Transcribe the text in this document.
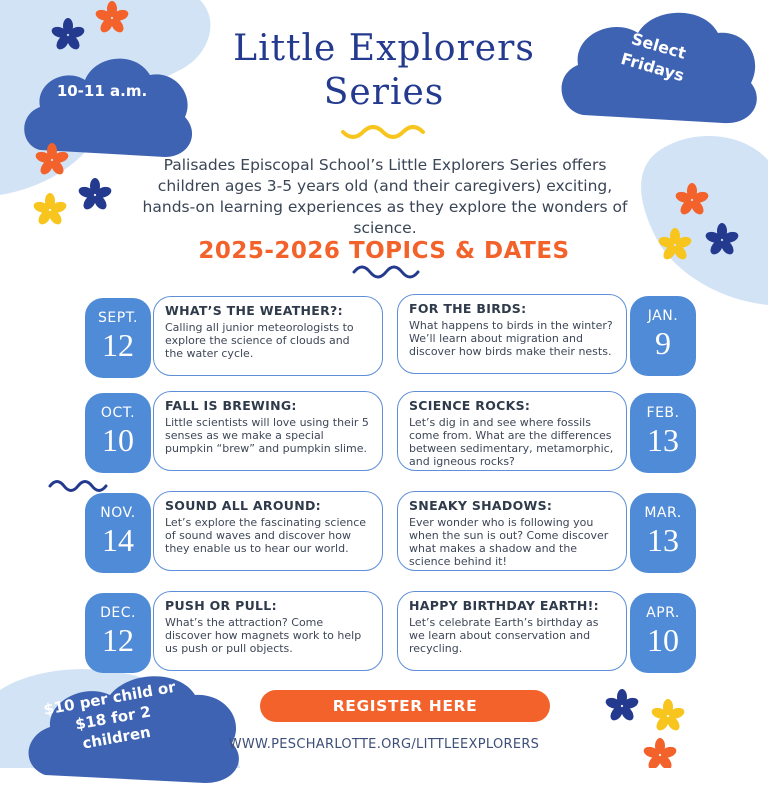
10-11 a.m.
Select Fridays
$10 per child or $18 for 2 children
Little Explorers
Series
Palisades Episcopal School’s Little Explorers Series offers children ages 3-5 years old (and their caregivers) exciting, hands-on learning experiences as they explore the wonders of science.
2025-2026 TOPICS & DATES
SEPT.
12
WHAT’S THE WEATHER?:

Calling all junior meteorologists to explore the science of clouds and the water cycle.

OCT.
10
FALL IS BREWING:

Little scientists will love using their 5 senses as we make a special pumpkin “brew” and pumpkin slime.

NOV.
14
SOUND ALL AROUND:

Let’s explore the fascinating science of sound waves and discover how they enable us to hear our world.

DEC.
12
PUSH OR PULL:

What’s the attraction? Come discover how magnets work to help us push or pull objects.

FOR THE BIRDS:

What happens to birds in the winter? We’ll learn about migration and discover how birds make their nests.

JAN.
9
SCIENCE ROCKS:

Let’s dig in and see where fossils come from. What are the differences between sedimentary, metamorphic, and igneous rocks?

FEB.
13
SNEAKY SHADOWS:

Ever wonder who is following you when the sun is out? Come discover what makes a shadow and the science behind it!

MAR.
13
HAPPY BIRTHDAY EARTH!:

Let’s celebrate Earth’s birthday as we learn about conservation and recycling.

APR.
10
REGISTER HERE
WWW.PESCHARLOTTE.ORG/LITTLEEXPLORERS
